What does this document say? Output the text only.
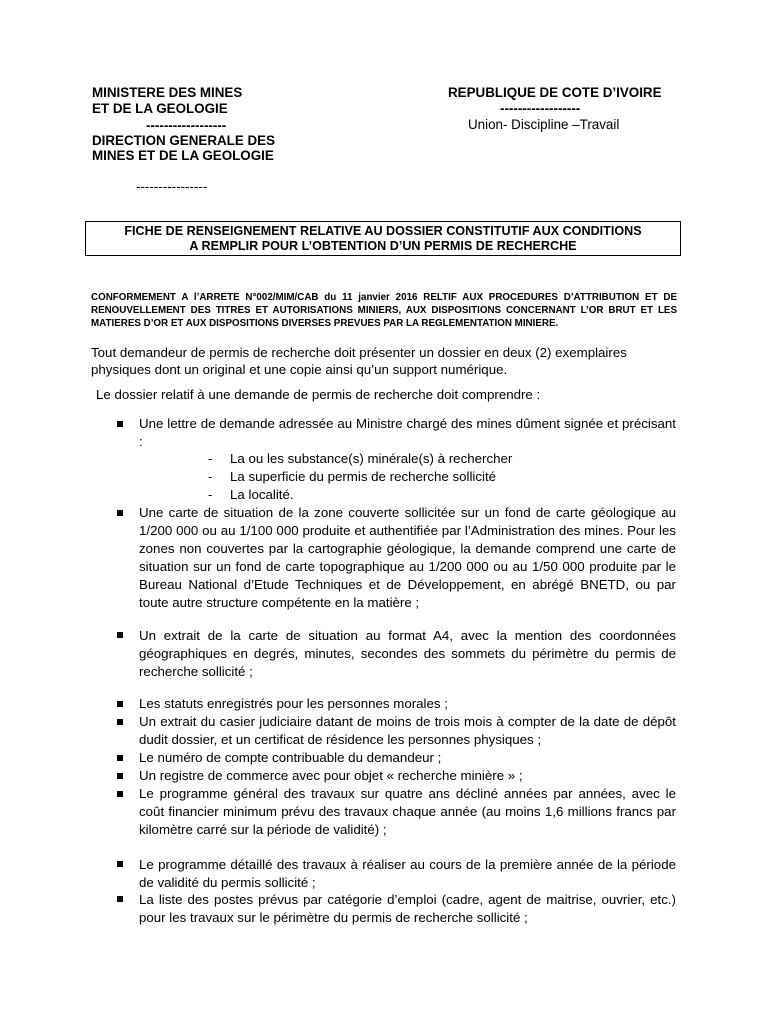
MINISTERE DES MINES
ET DE LA GEOLOGIE
------------------
DIRECTION GENERALE DES
MINES ET DE LA GEOLOGIE
----------------
REPUBLIQUE DE COTE D’IVOIRE
------------------
Union- Discipline –Travail
FICHE DE RENSEIGNEMENT RELATIVE AU DOSSIER CONSTITUTIF AUX CONDITIONS
A REMPLIR POUR L’OBTENTION D’UN PERMIS DE RECHERCHE
CONFORMEMENT A l’ARRETE N°002/MIM/CAB du 11 janvier 2016 RELTIF AUX PROCEDURES D’ATTRIBUTION ET DE RENOUVELLEMENT DES TITRES ET AUTORISATIONS MINIERS, AUX DISPOSITIONS CONCERNANT L’OR BRUT ET LES MATIERES D’OR ET AUX DISPOSITIONS DIVERSES PREVUES PAR LA REGLEMENTATION MINIERE.
Tout demandeur de permis de recherche doit présenter un dossier en deux (2) exemplaires physiques dont un original et une copie ainsi qu’un support numérique.
Le dossier relatif à une demande de permis de recherche doit comprendre :
Une lettre de demande adressée au Ministre chargé des mines dûment signée et précisant :
- La ou les substance(s) minérale(s) à rechercher
- La superficie du permis de recherche sollicité
- La localité.
Une carte de situation de la zone couverte sollicitée sur un fond de carte géologique au 1/200 000 ou au 1/100 000 produite et authentifiée par l’Administration des mines. Pour les zones non couvertes par la cartographie géologique, la demande comprend une carte de situation sur un fond de carte topographique au 1/200 000 ou au 1/50 000 produite par le Bureau National d’Etude Techniques et de Développement, en abrégé BNETD, ou par toute autre structure compétente en la matière ;
Un extrait de la carte de situation au format A4, avec la mention des coordonnées géographiques en degrés, minutes, secondes des sommets du périmètre du permis de recherche sollicité ;
Les statuts enregistrés pour les personnes morales ;
Un extrait du casier judiciaire datant de moins de trois mois à compter de la date de dépôt dudit dossier, et un certificat de résidence les personnes physiques ;
Le numéro de compte contribuable du demandeur ;
Un registre de commerce avec pour objet « recherche minière » ;
Le programme général des travaux sur quatre ans décliné années par années, avec le coût financier minimum prévu des travaux chaque année (au moins 1,6 millions francs par kilomètre carré sur la période de validité) ;
Le programme détaillé des travaux à réaliser au cours de la première année de la période de validité du permis sollicité ;
La liste des postes prévus par catégorie d’emploi (cadre, agent de maitrise, ouvrier, etc.) pour les travaux sur le périmètre du permis de recherche sollicité ;
